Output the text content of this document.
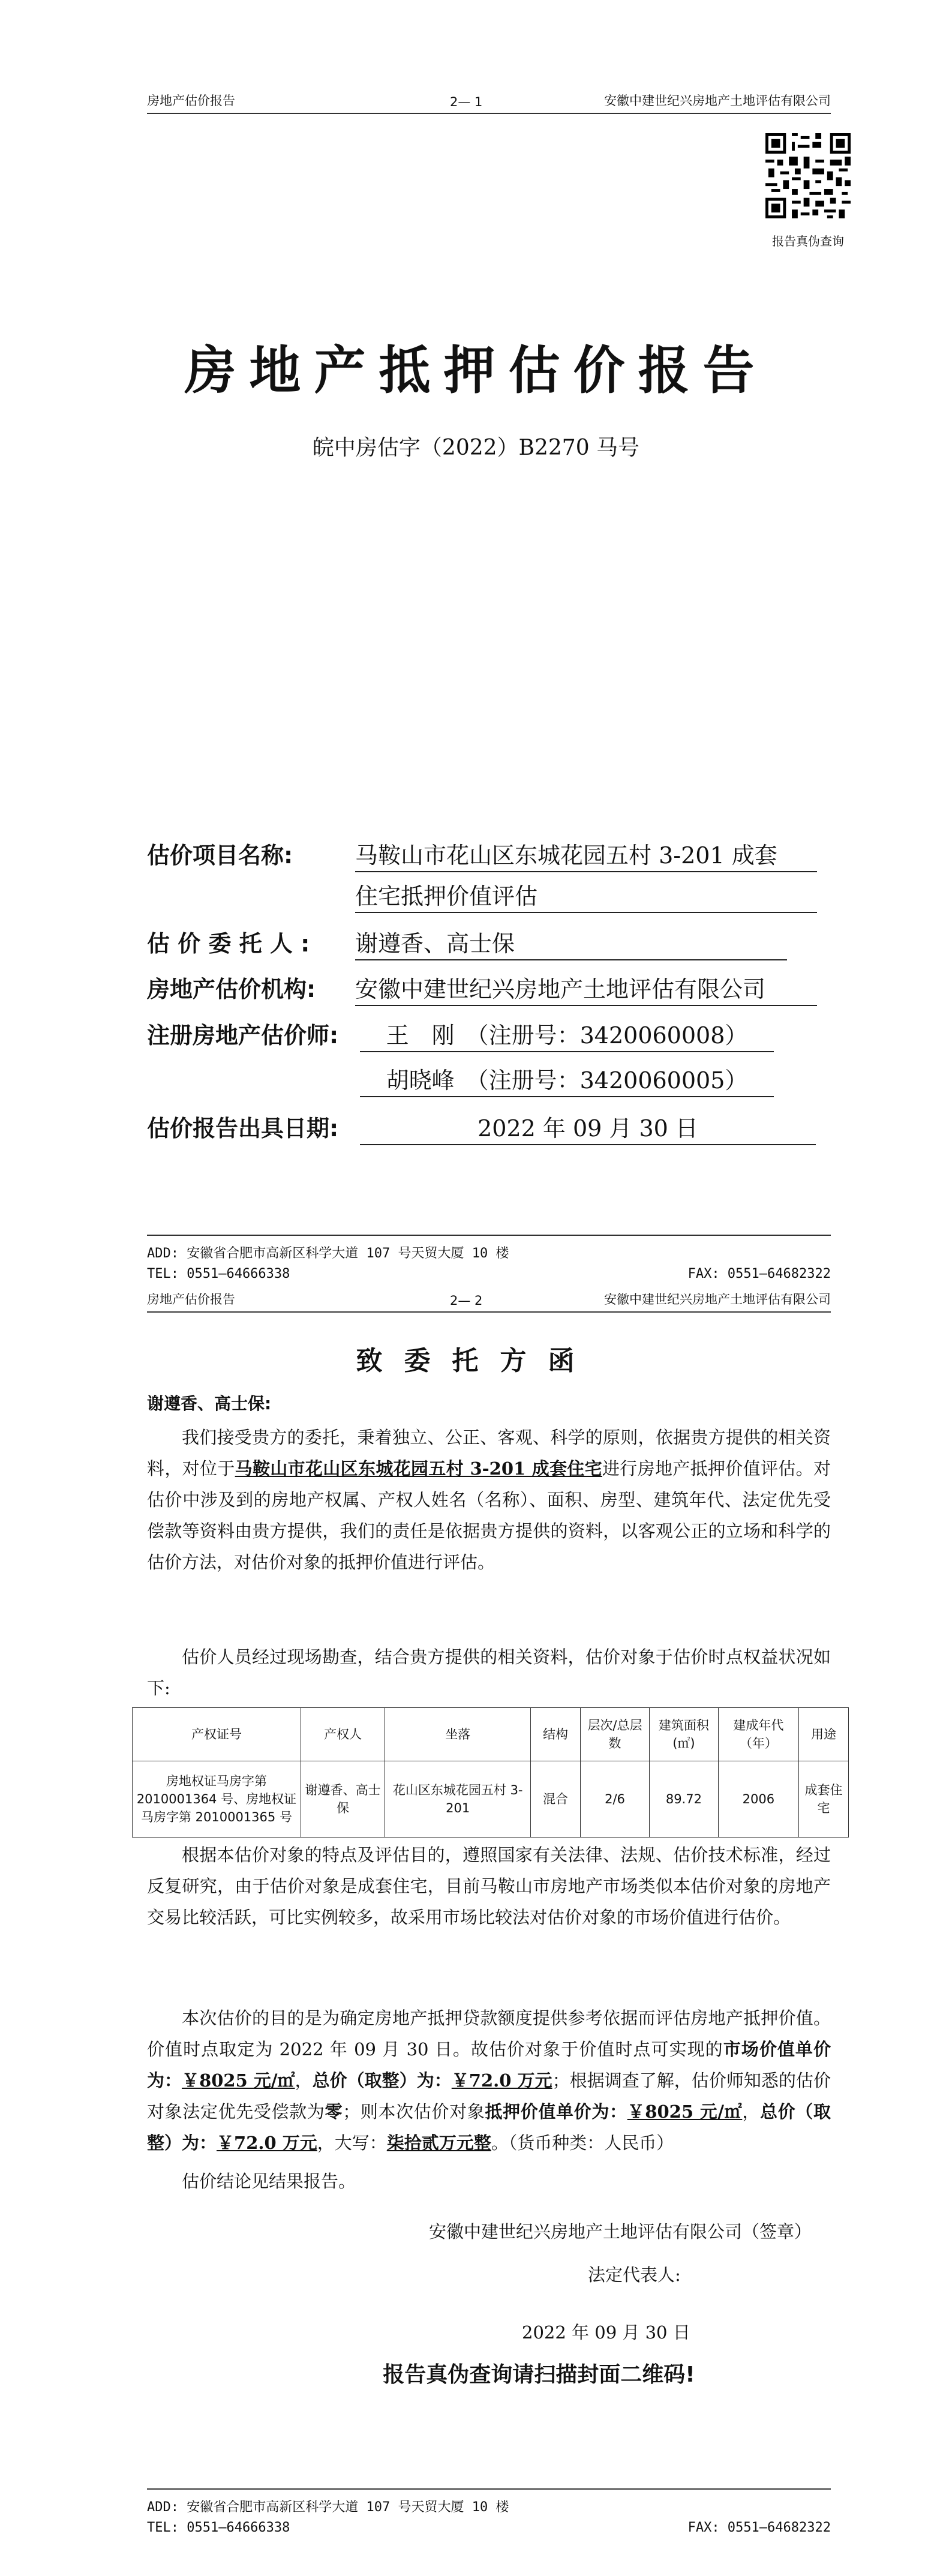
房地产估价报告	2— 1	安徽中建世纪兴房地产土地评估有限公司
报告真伪查询
房地产抵押估价报告
皖中房估字（2022）B2270 马号
估价项目名称:	马鞍山市花山区东城花园五村 3-201 成套
住宅抵押价值评估
估 价 委 托 人 : 谢遵香、高士保
房地产估价机构: 安徽中建世纪兴房地产土地评估有限公司
注册房地产估价师:	王　刚　（注册号：3420060008）
胡晓峰　（注册号：3420060005）
估价报告出具日期:	2022 年 09 月 30 日
ADD: 安徽省合肥市高新区科学大道 107 号天贸大厦 10 楼
TEL: 0551—64666338	FAX: 0551—64682322
房地产估价报告	2— 2	安徽中建世纪兴房地产土地评估有限公司
致委托方函
谢遵香、高士保:
我们接受贵方的委托，秉着独立、公正、客观、科学的原则，依据贵方提供的相关资料，对位于马鞍山市花山区东城花园五村 3-201 成套住宅进行房地产抵押价值评估。对估价中涉及到的房地产权属、产权人姓名（名称）、面积、房型、建筑年代、法定优先受偿款等资料由贵方提供，我们的责任是依据贵方提供的资料，以客观公正的立场和科学的估价方法，对估价对象的抵押价值进行评估。
估价人员经过现场勘查，结合贵方提供的相关资料，估价对象于估价时点权益状况如下:
产权证号	产权人	坐落	结构	层次/总层数	建筑面积(㎡)	建成年代（年）	用途
房地权证马房字第 2010001364 号、房地权证马房字第 2010001365 号	谢遵香、高士保	花山区东城花园五村 3-201	混合	2/6	89.72	2006	成套住宅
根据本估价对象的特点及评估目的，遵照国家有关法律、法规、估价技术标准，经过反复研究，由于估价对象是成套住宅，目前马鞍山市房地产市场类似本估价对象的房地产交易比较活跃，可比实例较多，故采用市场比较法对估价对象的市场价值进行估价。
本次估价的目的是为确定房地产抵押贷款额度提供参考依据而评估房地产抵押价值。价值时点取定为 2022 年 09 月 30 日。故估价对象于价值时点可实现的市场价值单价为：￥8025 元/㎡，总价（取整）为：￥72.0 万元；根据调查了解，估价师知悉的估价对象法定优先受偿款为零；则本次估价对象抵押价值单价为：￥8025 元/㎡，总价（取整）为：￥72.0 万元，大写：柒拾贰万元整。（货币种类：人民币）
估价结论见结果报告。
安徽中建世纪兴房地产土地评估有限公司（签章）
法定代表人:
2022 年 09 月 30 日
报告真伪查询请扫描封面二维码!
ADD: 安徽省合肥市高新区科学大道 107 号天贸大厦 10 楼
TEL: 0551—64666338	FAX: 0551—64682322
